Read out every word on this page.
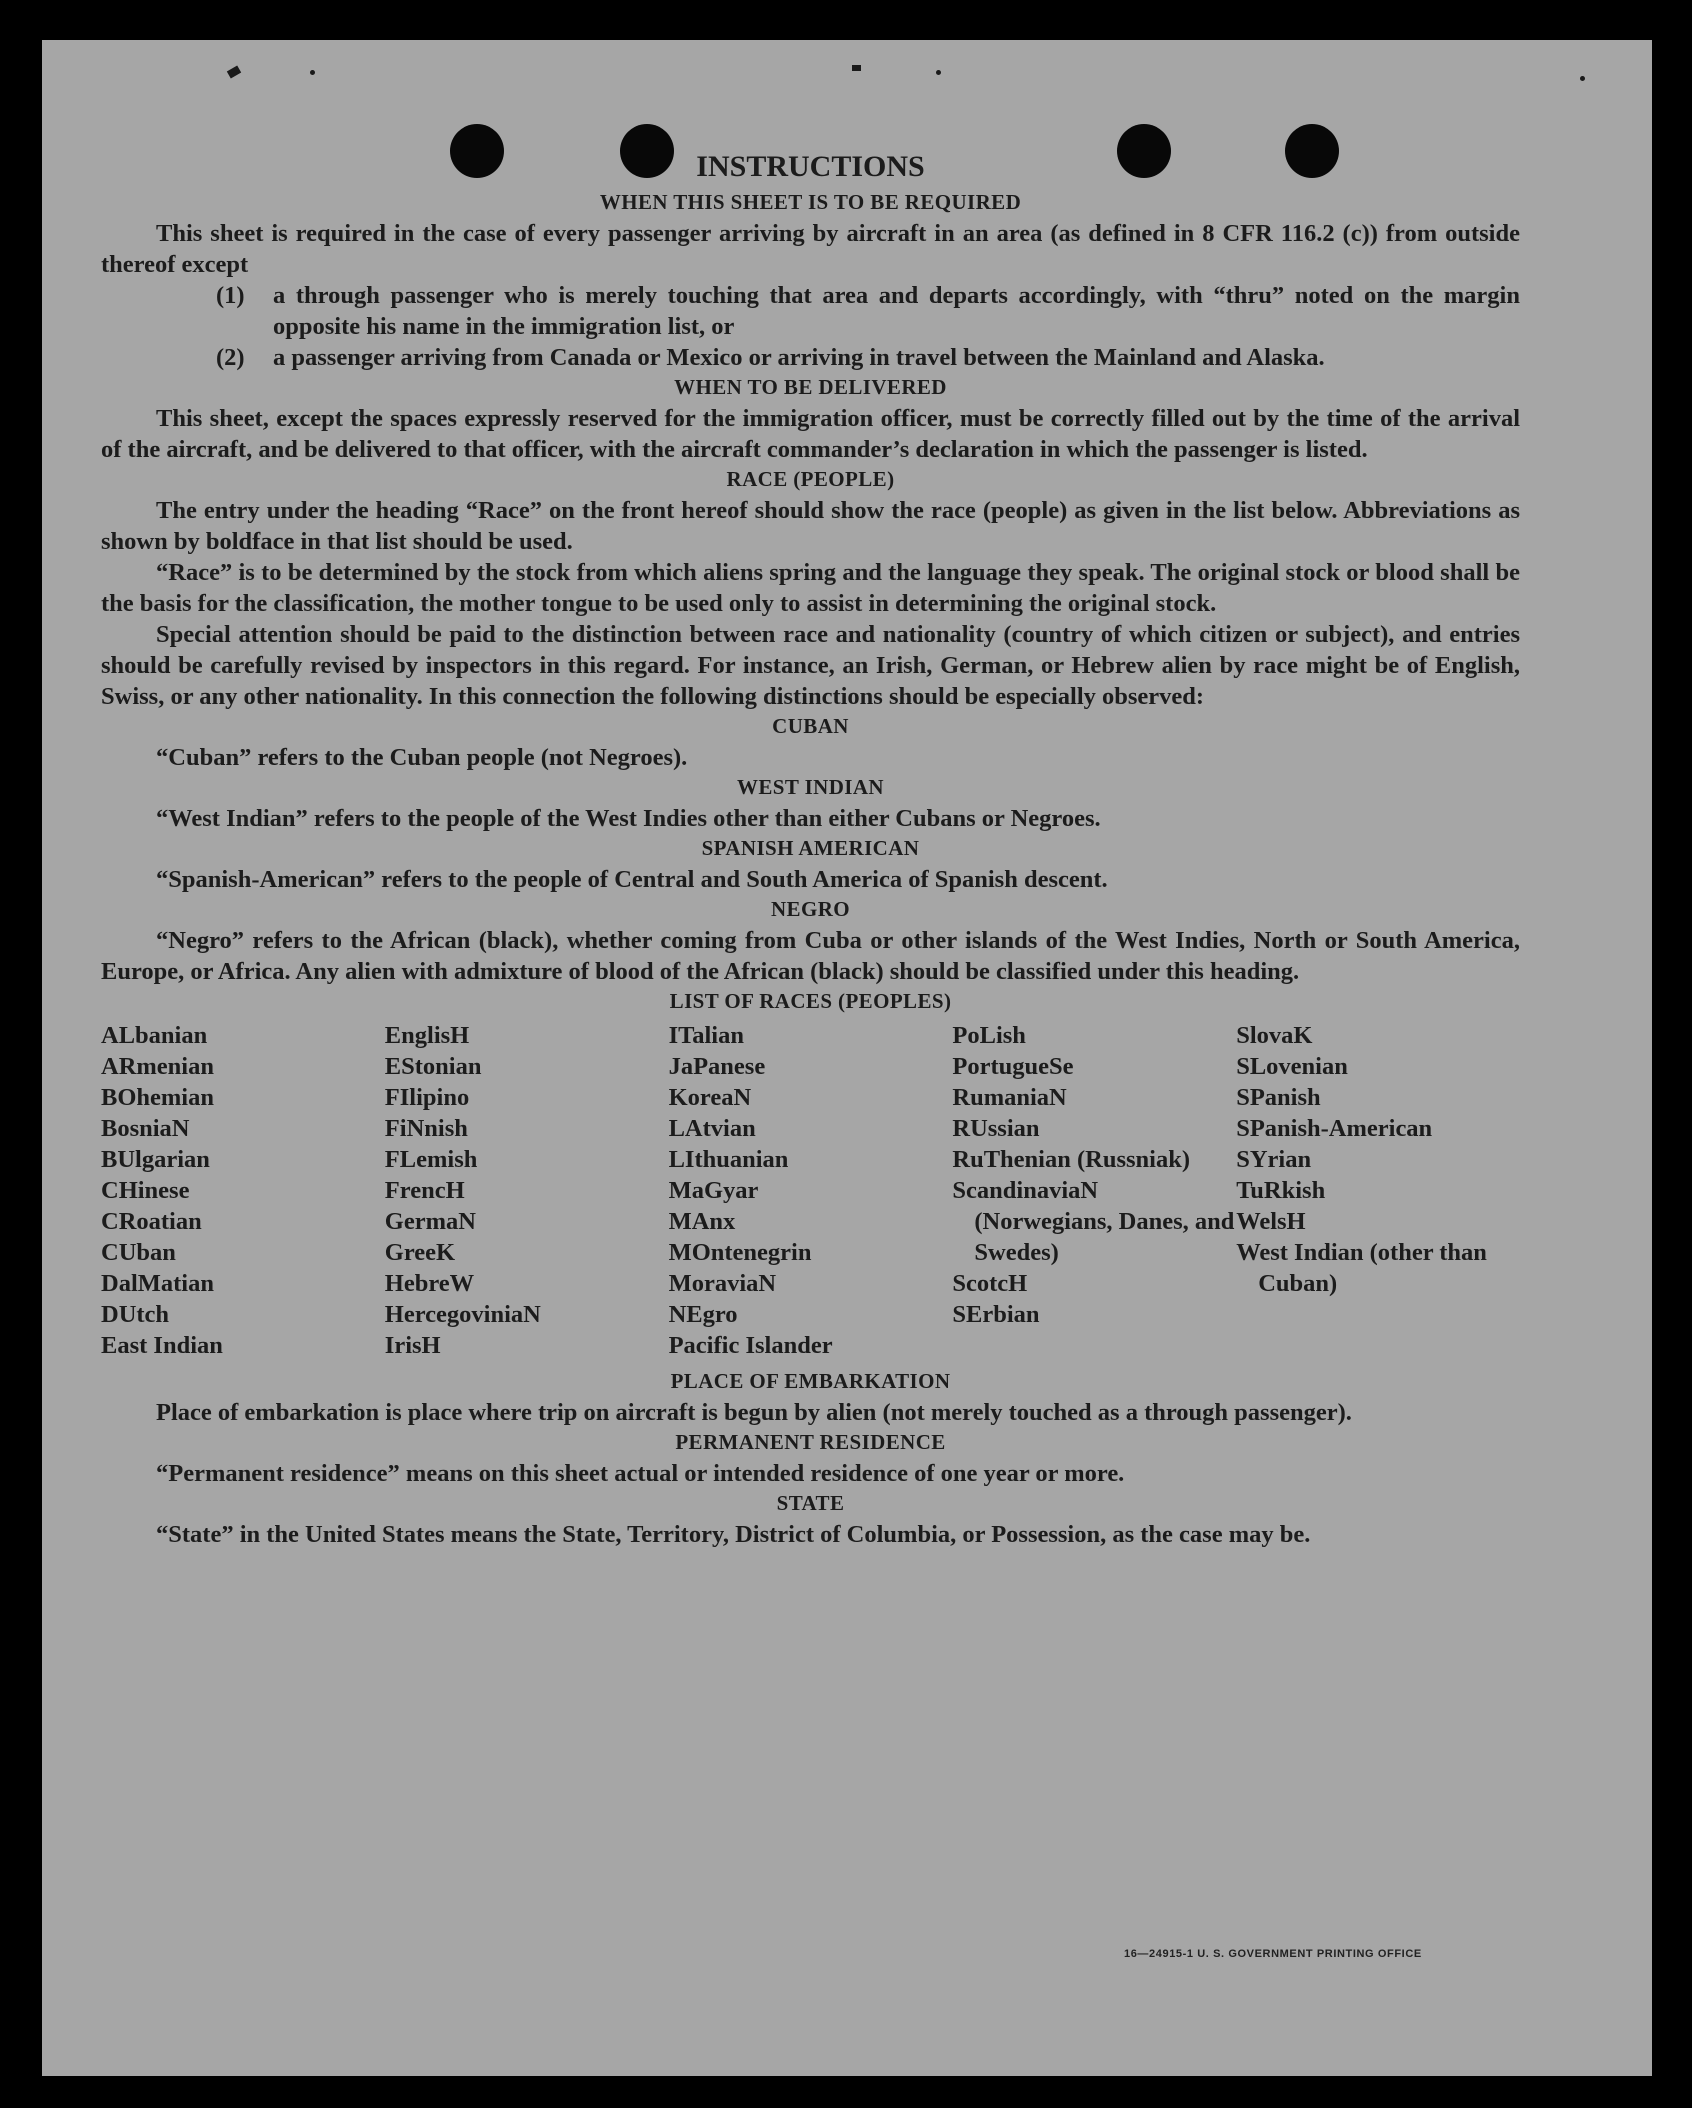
INSTRUCTIONS
WHEN THIS SHEET IS TO BE REQUIRED

This sheet is required in the case of every passenger arriving by aircraft in an area (as defined in 8 CFR 116.2 (c)) from outside thereof except

(1)	a through passenger who is merely touching that area and departs accordingly, with “thru” noted on the margin opposite his name in the immigration list, or
(2)	a passenger arriving from Canada or Mexico or arriving in travel between the Mainland and Alaska.
WHEN TO BE DELIVERED

This sheet, except the spaces expressly reserved for the immigration officer, must be correctly filled out by the time of the arrival of the aircraft, and be delivered to that officer, with the aircraft commander’s declaration in which the passenger is listed.

RACE (PEOPLE)

The entry under the heading “Race” on the front hereof should show the race (people) as given in the list below. Abbreviations as shown by boldface in that list should be used.

“Race” is to be determined by the stock from which aliens spring and the language they speak. The original stock or blood shall be the basis for the classification, the mother tongue to be used only to assist in determining the original stock.

Special attention should be paid to the distinction between race and nationality (country of which citizen or subject), and entries should be carefully revised by inspectors in this regard. For instance, an Irish, German, or Hebrew alien by race might be of English, Swiss, or any other nationality. In this connection the following distinctions should be especially observed:

CUBAN

“Cuban” refers to the Cuban people (not Negroes).

WEST INDIAN

“West Indian” refers to the people of the West Indies other than either Cubans or Negroes.

SPANISH AMERICAN

“Spanish-American” refers to the people of Central and South America of Spanish descent.

NEGRO

“Negro” refers to the African (black), whether coming from Cuba or other islands of the West Indies, North or South America, Europe, or Africa. Any alien with admixture of blood of the African (black) should be classified under this heading.

LIST OF RACES (PEOPLES)

ALbanian

ARmenian

BOhemian

BosniaN

BUlgarian

CHinese

CRoatian

CUban

DalMatian

DUtch

East Indian

EnglisH

EStonian

FIlipino

FiNnish

FLemish

FrencH

GermaN

GreeK

HebreW

HercegoviniaN

IrisH

ITalian

JaPanese

KoreaN

LAtvian

LIthuanian

MaGyar

MAnx

MOntenegrin

MoraviaN

NEgro

Pacific Islander

PoLish

PortugueSe

RumaniaN

RUssian

RuThenian (Russniak)

ScandinaviaN (Norwegians, Danes, and Swedes)

ScotcH

SErbian

SlovaK

SLovenian

SPanish

SPanish-American

SYrian

TuRkish

WelsH

West Indian (other than Cuban)

PLACE OF EMBARKATION

Place of embarkation is place where trip on aircraft is begun by alien (not merely touched as a through passenger).

PERMANENT RESIDENCE

“Permanent residence” means on this sheet actual or intended residence of one year or more.

STATE

“State” in the United States means the State, Territory, District of Columbia, or Possession, as the case may be.

16—24915-1 U. S. GOVERNMENT PRINTING OFFICE
